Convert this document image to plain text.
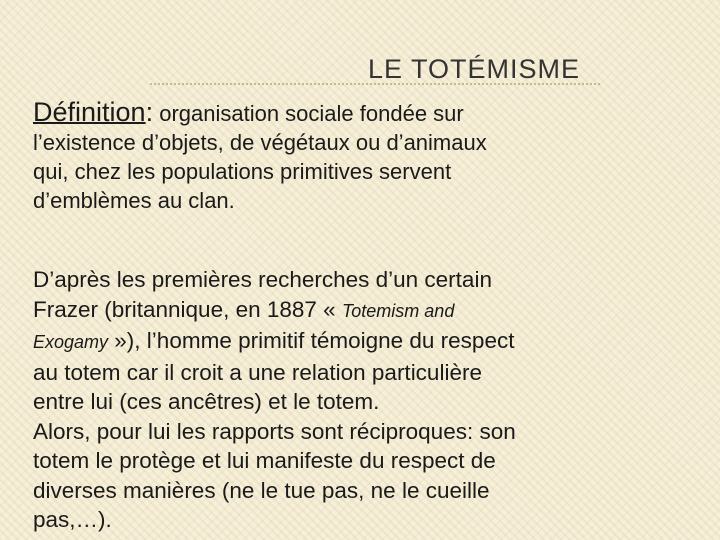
LE TOTÉMISME
Définition: organisation sociale fondée sur
l’existence d’objets, de végétaux ou d’animaux
qui, chez les populations primitives servent
d’emblèmes au clan.
D’après les premières recherches d’un certain
Frazer (britannique, en 1887 « Totemism and
Exogamy »), l’homme primitif témoigne du respect
au totem car il croit a une relation particulière
entre lui (ces ancêtres) et le totem.
Alors, pour lui les rapports sont réciproques: son
totem le protège et lui manifeste du respect de
diverses manières (ne le tue pas, ne le cueille
pas,…).
